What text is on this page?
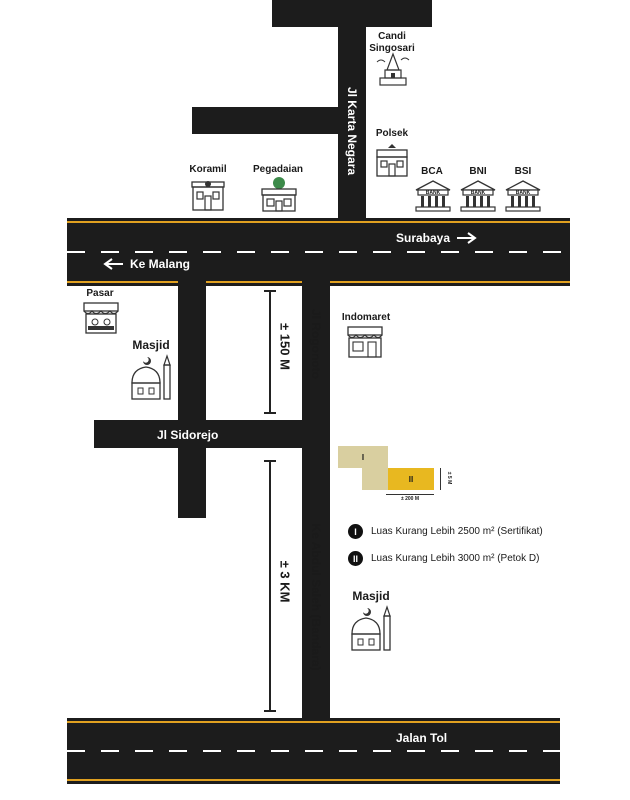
Jl Karta Negara
Surabaya
Ke Malang
Jl Rogonoto
Jl Sidorejo
Ke Abdul Saleh (Bandara)
Jalan Tol
± 150 M
± 3 KM
Candi
Singosari
Polsek
Koramil	Pegadaian	BCA
BANK
BNI
BANK
BSI
BANK
Pasar
Masjid
Indomaret
Masjid
I
II	± 5 M
± 200 M
I	Luas Kurang Lebih 2500 m² (Sertifikat)
II	Luas Kurang Lebih 3000 m² (Petok D)
